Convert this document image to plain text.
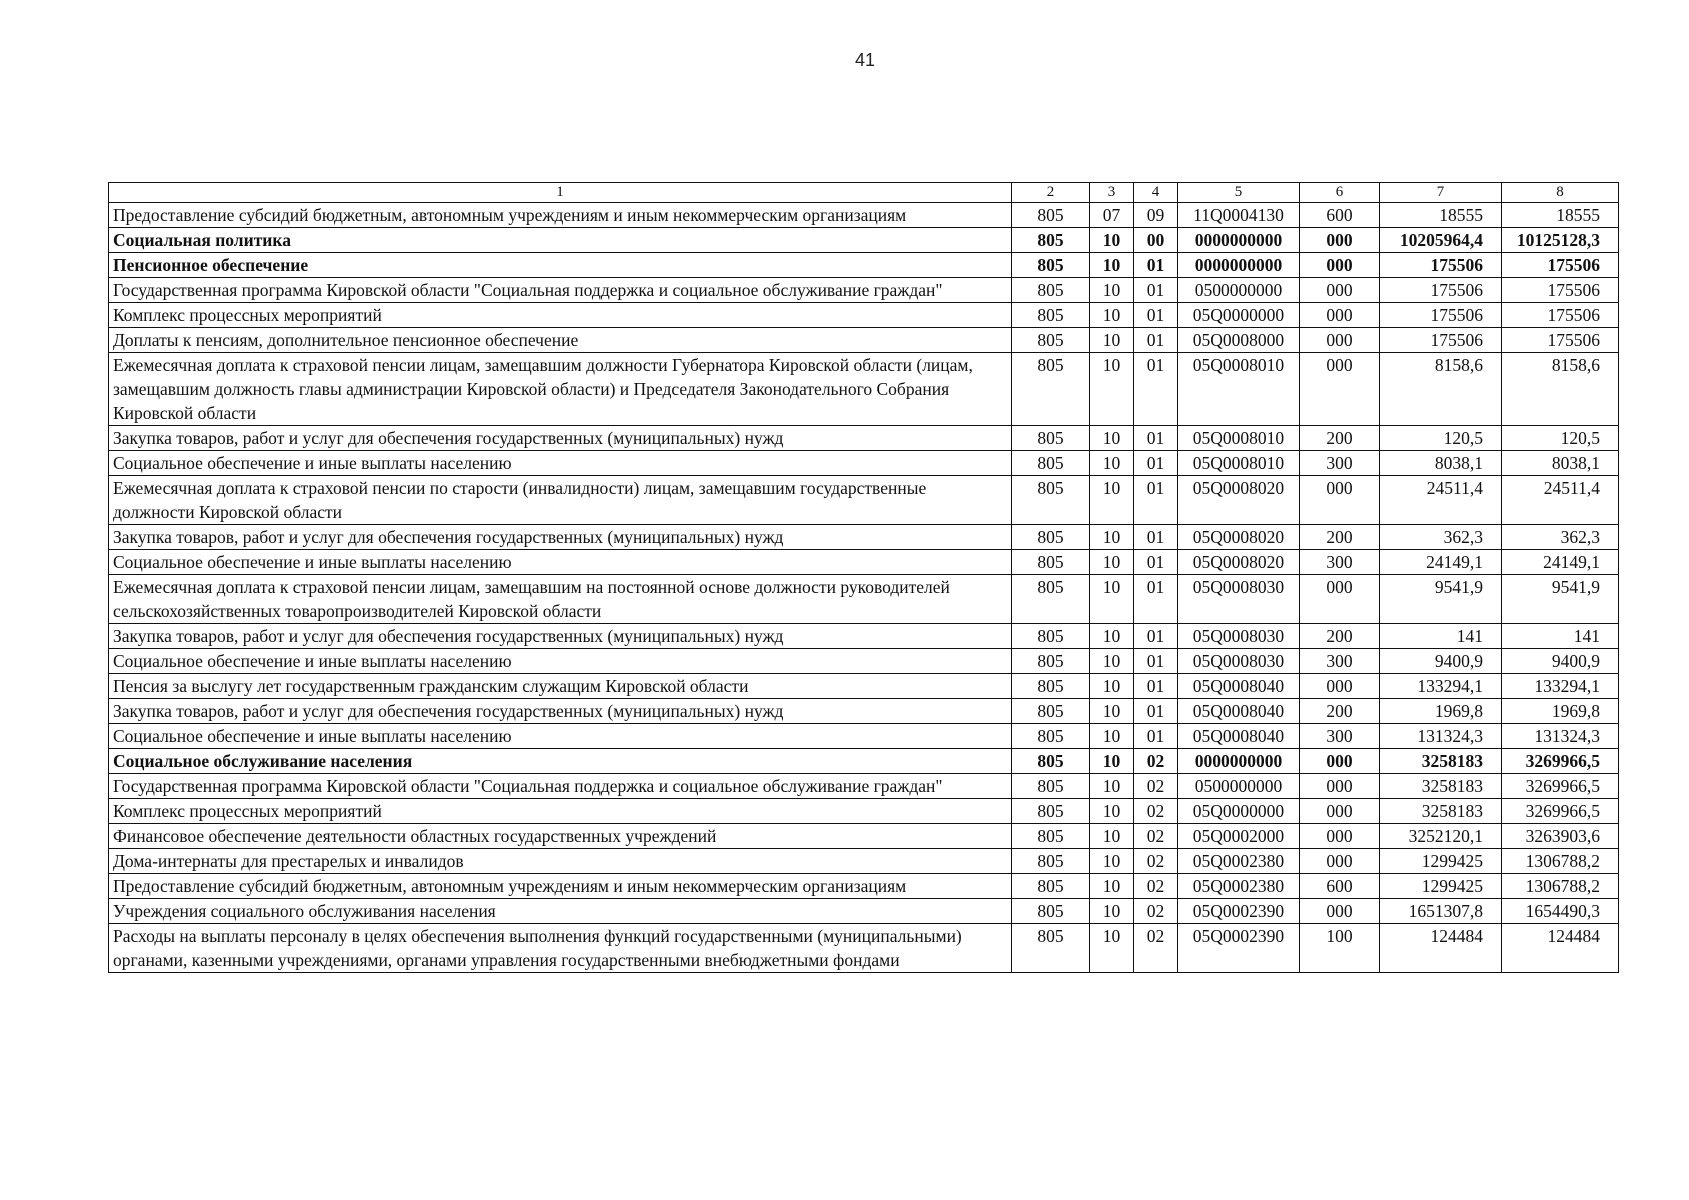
41
1	2	3	4	5	6	7	8
Предоставление субсидий бюджетным, автономным учреждениям и иным некоммерческим организациям	805	07	09	11Q0004130	600	18555	18555
Социальная политика	805	10	00	0000000000	000	10205964,4	10125128,3
Пенсионное обеспечение	805	10	01	0000000000	000	175506	175506
Государственная программа Кировской области "Социальная поддержка и социальное обслуживание граждан"	805	10	01	0500000000	000	175506	175506
Комплекс процессных мероприятий	805	10	01	05Q0000000	000	175506	175506
Доплаты к пенсиям, дополнительное пенсионное обеспечение	805	10	01	05Q0008000	000	175506	175506
Ежемесячная доплата к страховой пенсии лицам, замещавшим должности Губернатора Кировской области (лицам, замещавшим должность главы администрации Кировской области) и Председателя Законодательного Собрания Кировской области	805	10	01	05Q0008010	000	8158,6	8158,6
Закупка товаров, работ и услуг для обеспечения государственных (муниципальных) нужд	805	10	01	05Q0008010	200	120,5	120,5
Социальное обеспечение и иные выплаты населению	805	10	01	05Q0008010	300	8038,1	8038,1
Ежемесячная доплата к страховой пенсии по старости (инвалидности) лицам, замещавшим государственные должности Кировской области	805	10	01	05Q0008020	000	24511,4	24511,4
Закупка товаров, работ и услуг для обеспечения государственных (муниципальных) нужд	805	10	01	05Q0008020	200	362,3	362,3
Социальное обеспечение и иные выплаты населению	805	10	01	05Q0008020	300	24149,1	24149,1
Ежемесячная доплата к страховой пенсии лицам, замещавшим на постоянной основе должности руководителей сельскохозяйственных товаропроизводителей Кировской области	805	10	01	05Q0008030	000	9541,9	9541,9
Закупка товаров, работ и услуг для обеспечения государственных (муниципальных) нужд	805	10	01	05Q0008030	200	141	141
Социальное обеспечение и иные выплаты населению	805	10	01	05Q0008030	300	9400,9	9400,9
Пенсия за выслугу лет государственным гражданским служащим Кировской области	805	10	01	05Q0008040	000	133294,1	133294,1
Закупка товаров, работ и услуг для обеспечения государственных (муниципальных) нужд	805	10	01	05Q0008040	200	1969,8	1969,8
Социальное обеспечение и иные выплаты населению	805	10	01	05Q0008040	300	131324,3	131324,3
Социальное обслуживание населения	805	10	02	0000000000	000	3258183	3269966,5
Государственная программа Кировской области "Социальная поддержка и социальное обслуживание граждан"	805	10	02	0500000000	000	3258183	3269966,5
Комплекс процессных мероприятий	805	10	02	05Q0000000	000	3258183	3269966,5
Финансовое обеспечение деятельности областных государственных учреждений	805	10	02	05Q0002000	000	3252120,1	3263903,6
Дома-интернаты для престарелых и инвалидов	805	10	02	05Q0002380	000	1299425	1306788,2
Предоставление субсидий бюджетным, автономным учреждениям и иным некоммерческим организациям	805	10	02	05Q0002380	600	1299425	1306788,2
Учреждения социального обслуживания населения	805	10	02	05Q0002390	000	1651307,8	1654490,3
Расходы на выплаты персоналу в целях обеспечения выполнения функций государственными (муниципальными) органами, казенными учреждениями, органами управления государственными внебюджетными фондами	805	10	02	05Q0002390	100	124484	124484
